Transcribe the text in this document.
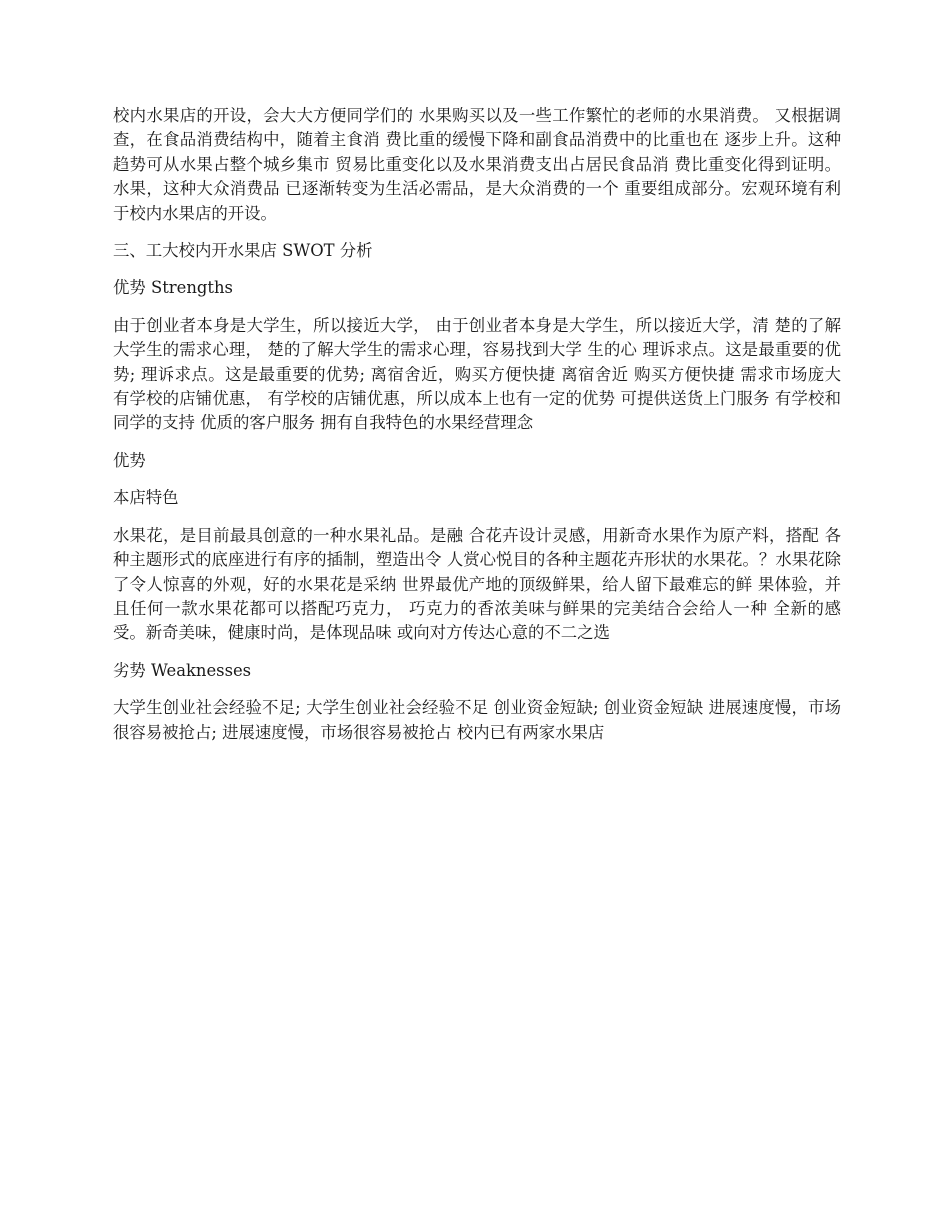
校内水果店的开设，会大大方便同学们的 水果购买以及一些工作繁忙的老师的水果消费。 又根据调查，在食品消费结构中，随着主食消 费比重的缓慢下降和副食品消费中的比重也在 逐步上升。这种趋势可从水果占整个城乡集市 贸易比重变化以及水果消费支出占居民食品消 费比重变化得到证明。水果，这种大众消费品 已逐渐转变为生活必需品，是大众消费的一个 重要组成部分。宏观环境有利于校内水果店的开设。

三、工大校内开水果店 SWOT 分析

优势 Strengths

由于创业者本身是大学生，所以接近大学， 由于创业者本身是大学生，所以接近大学，清 楚的了解大学生的需求心理， 楚的了解大学生的需求心理，容易找到大学 生的心 理诉求点。这是最重要的优势; 理诉求点。这是最重要的优势; 离宿舍近，购买方便快捷 离宿舍近 购买方便快捷 需求市场庞大 有学校的店铺优惠， 有学校的店铺优惠，所以成本上也有一定的优势 可提供送货上门服务 有学校和同学的支持 优质的客户服务 拥有自我特色的水果经营理念

优势

本店特色

水果花，是目前最具创意的一种水果礼品。是融 合花卉设计灵感，用新奇水果作为原产料，搭配 各种主题形式的底座进行有序的插制，塑造出令 人赏心悦目的各种主题花卉形状的水果花。？水果花除了令人惊喜的外观，好的水果花是采纳 世界最优产地的顶级鲜果，给人留下最难忘的鲜 果体验，并且任何一款水果花都可以搭配巧克力， 巧克力的香浓美味与鲜果的完美结合会给人一种 全新的感受。新奇美味，健康时尚，是体现品味 或向对方传达心意的不二之选

劣势 Weaknesses

大学生创业社会经验不足; 大学生创业社会经验不足 创业资金短缺; 创业资金短缺 进展速度慢，市场很容易被抢占; 进展速度慢，市场很容易被抢占 校内已有两家水果店
